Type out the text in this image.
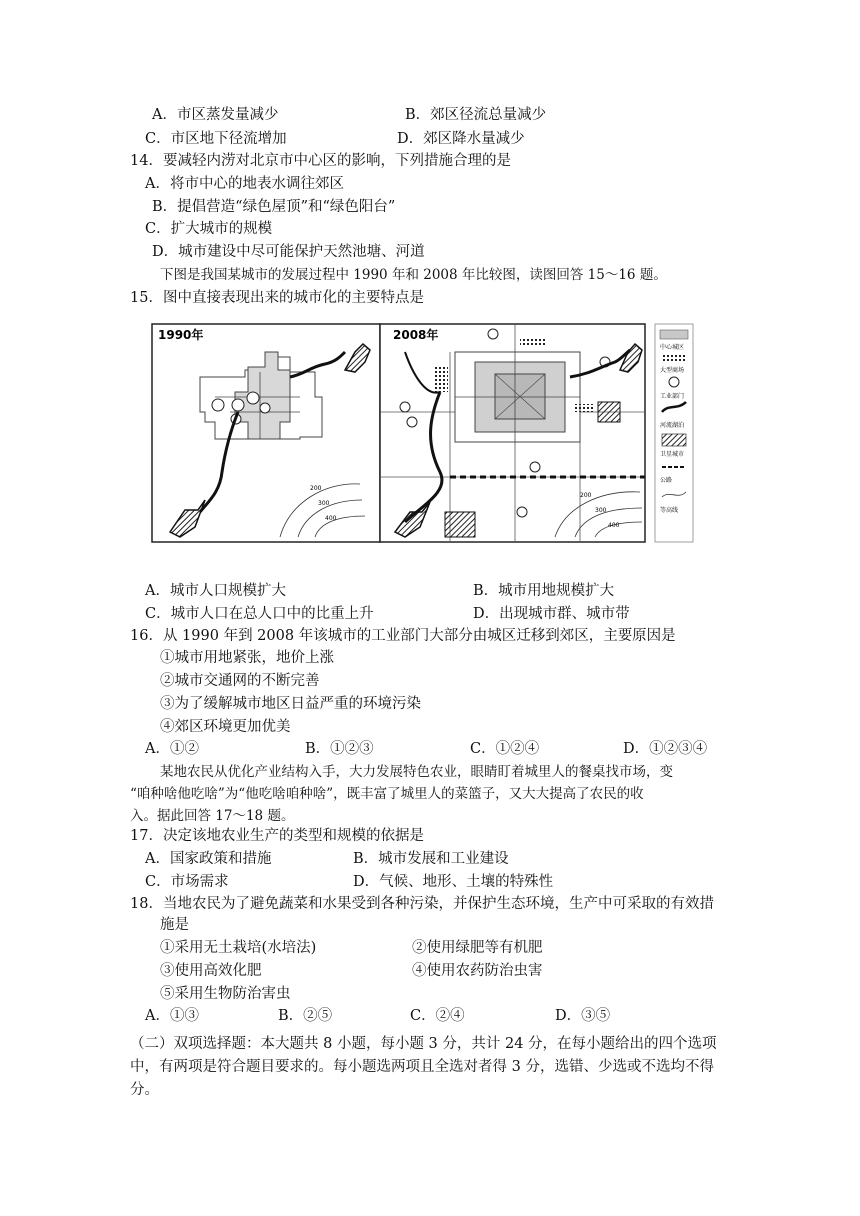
A．市区蒸发量减少	B．郊区径流总量减少
C．市区地下径流增加	D．郊区降水量减少
14．要减轻内涝对北京市中心区的影响，下列措施合理的是
A．将市中心的地表水调往郊区
B．提倡营造“绿色屋顶”和“绿色阳台”
C．扩大城市的规模
D．城市建设中尽可能保护天然池塘、河道
下图是我国某城市的发展过程中 1990 年和 2008 年比较图，读图回答 15～16 题。
15．图中直接表现出来的城市化的主要特点是
1990年
200
300
400
2008年
200
300
400
中心城区
大型商场
工业部门
河流湖泊
卫星城市
公路
等高线
A．城市人口规模扩大	B．城市用地规模扩大
C．城市人口在总人口中的比重上升	D．出现城市群、城市带
16．从 1990 年到 2008 年该城市的工业部门大部分由城区迁移到郊区，主要原因是
①城市用地紧张，地价上涨
②城市交通网的不断完善
③为了缓解城市地区日益严重的环境污染
④郊区环境更加优美
A．①②	B．①②③	C．①②④	D．①②③④
某地农民从优化产业结构入手，大力发展特色农业，眼睛盯着城里人的餐桌找市场，变
“咱种啥他吃啥”为“他吃啥咱种啥”，既丰富了城里人的菜篮子，又大大提高了农民的收
入。据此回答 17～18 题。
17．决定该地农业生产的类型和规模的依据是
A．国家政策和措施	B．城市发展和工业建设
C．市场需求	D．气候、地形、土壤的特殊性
18．当地农民为了避免蔬菜和水果受到各种污染，并保护生态环境，生产中可采取的有效措
施是
①采用无土栽培(水培法)	②使用绿肥等有机肥
③使用高效化肥	④使用农药防治虫害
⑤采用生物防治害虫
A．①③	B．②⑤	C．②④	D．③⑤
（二）双项选择题：本大题共 8 小题，每小题 3 分，共计 24 分，在每小题给出的四个选项
中，有两项是符合题目要求的。每小题选两项且全选对者得 3 分，选错、少选或不选均不得
分。
